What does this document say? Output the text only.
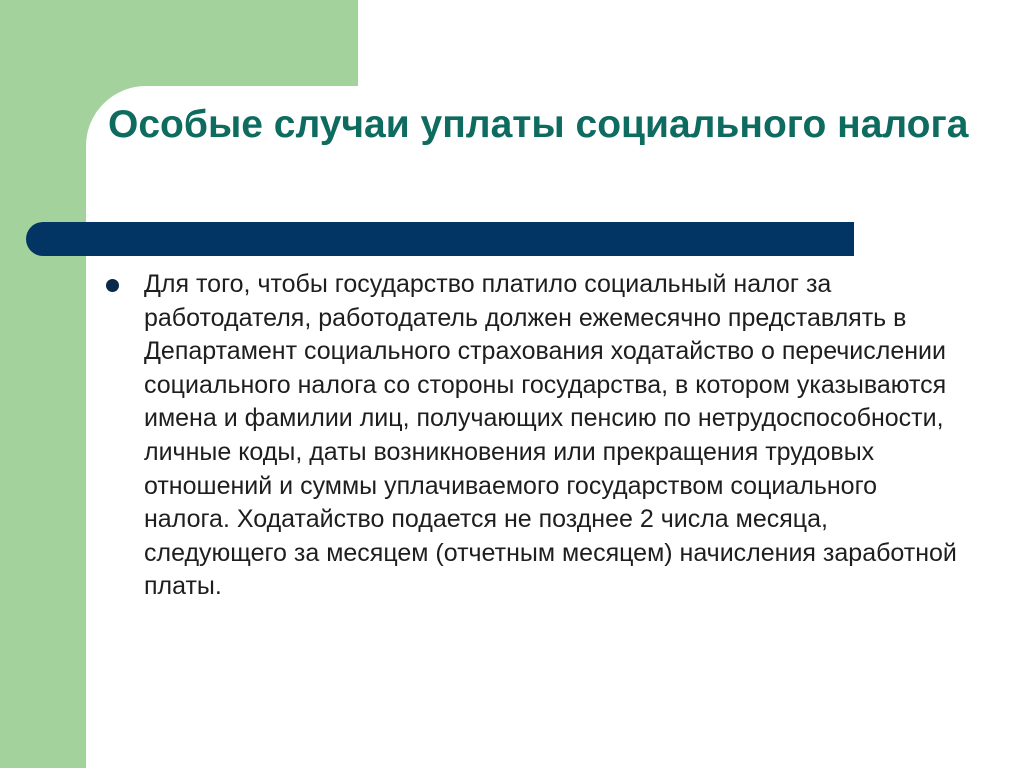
Особые случаи уплаты социального налога

Для того, чтобы государство платило социальный налог за работодателя, работодатель должен ежемесячно представлять в Департамент социального страхования ходатайство о перечислении социального налога со стороны государства, в котором указываются имена и фамилии лиц, получающих пенсию по нетрудоспособности, личные коды, даты возникновения или прекращения трудовых отношений и суммы уплачиваемого государством социального налога. Ходатайство подается не позднее 2 числа месяца, следующего за месяцем (отчетным месяцем) начисления заработной платы.
